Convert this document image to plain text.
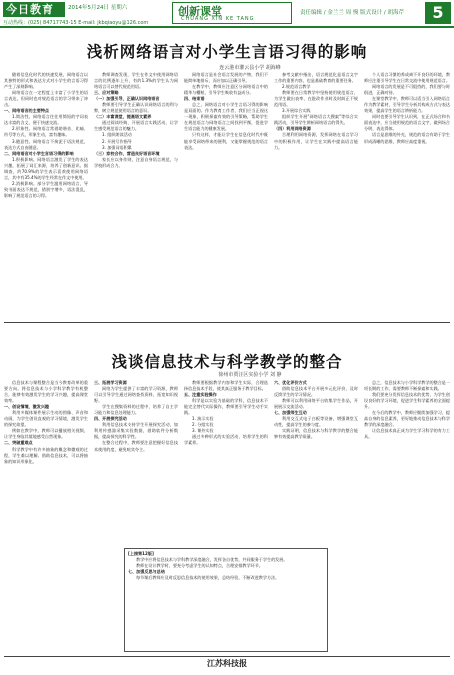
今日教育	2014年5月24日 星期六
互动热线：(025) 84717743-15 E-mail: jkbqiaoyu@126.com
创新课堂
CHUANG XIN KE TANG
责任编辑 / 金兰兰 周 慢 版式设计 / 胡海芹	5
浅析网络语言对小学生言语习得的影响
连云港市灌云县小学 胡海峰

随着信息化时代的快速发展，网络语言以其独特的形式和表达方式对小学生的言语习得产生了深刻影响。

网络语言在一定程度上丰富了小学生的语言表达，但同时也对规范语言的学习带来了冲击。

一、网络语言的主要特点

1.简洁性。网络语言往往用简短的字词表达丰富的含义，便于快速交流。

2.形象性。网络语言常借助谐音、比喻、符号等方式，形象生动，富有趣味。

3.随意性。网络语言不拘泥于语法规范，表达方式自由随意。

二、网络语言对小学生言语习得的影响

1.积极影响。网络语言激发了学生的表达兴趣，拓展了词汇来源，培养了创新意识。据调查，约70.9%的学生表示喜欢使用网络语言，其中有35.4%的学生经常在作文中使用。

2.消极影响。部分学生滥用网络语言，导致书面表达不规范，错别字增多，语法混乱，影响了规范语言的习得。

教师调查发现，学生在作文中使用网络语言的比例逐年上升，有约1.3%的学生认为网络语言可以替代规范用语。

三、应对策略

（一）加强引导，正确认识网络语言

教师要引导学生正确认识网络语言的利与弊，树立规范使用语言的意识。

（二）丰富课堂，提高语文素养

通过阅读经典、开展语言实践活动，让学生感受规范语言的魅力。

1. 组织朗读活动

2. 开展写作指导

3. 加强词语积累

（三）家校合作，营造良好语言环境

家长应以身作则，注意自身语言规范，与学校形成合力。

网络语言是社会语言发展的产物，我们不能简单地排斥，而应加以正确引导。

在教学中，教师应注意区分网络语言中的精华与糟粕，引导学生吸收有益成分。

四、结束语

总之，网络语言对小学生言语习得的影响是双面的。作为教育工作者，我们应当正视这一现象，积极探索有效的引导策略，帮助学生在规范语言与网络语言之间找到平衡，促进学生语言能力的健康发展。

只有这样，才能让学生在信息化时代中既能享受网络带来的便利，又能掌握规范的语言表达。

参考文献中指出，语言规范化是语言文字工作的重要内容，也是基础教育的重要任务。

2.规范语言教学

教师要在日常教学中坚持使用规范语言，为学生做出表率，在批改作业时及时纠正不规范用语。

3.开展综合实践

组织学生开展"网络语言大搜索"等综合实践活动，引导学生辨析网络语言的得失。

（四）利用网络资源

合理利用网络资源，发挥网络在语言学习中的积极作用，让学生在实践中提高语言能力。

个人语言习惯的养成离不开良好的环境，教师应注重引导学生在日常交流中使用规范语言。

网络语言的发展是不可阻挡的，我们要与时俱进，正确对待。

在课堂教学中，教师可以适当引入网络语言作为教学素材，引导学生分析其构成方式与表达效果，提高学生的语言辨析能力。

同时也要引导学生认识到，在正式场合和书面表达中，应当使用规范的语言文字，做到场合分明、表达得体。

语言是思维的外壳，规范的语言有助于学生形成清晰的思维，教师应高度重视。

浅谈信息技术与科学教学的整合
徐州市贾汪区实验小学 刘 静

信息技术与课程整合是当今教育改革的重要方向。将信息技术与小学科学教学有机整合，能够有效激发学生的学习兴趣，提高课堂效率。

一、创设情境，激发兴趣

利用多媒体课件展示生动的图像、声音和动画，为学生创设直观的学习情境，激发学生的探究欲望。

例如在教学中，教师可以播放相关视频，让学生身临其境地感受自然现象。

二、突破重难点

科学教学中有许多抽象的概念和微观的过程，学生难以理解。借助信息技术，可以将抽象的知识形象化。

三、拓展学习资源

网络为学生提供了丰富的学习资源，教师可以引导学生通过网络查找资料，拓宽知识视野。

学生在搜集资料的过程中，培养了自主学习能力和信息处理能力。

四、开展探究活动

利用信息技术支持学生开展探究活动，如利用传感器采集实验数据，借助软件分析数据，提高探究的科学性。

在整合过程中，教师要注意把握好信息技术使用的度，避免喧宾夺主。

教师要根据教学内容和学生实际，合理选择信息技术手段，使其真正服务于教学目标。

五、注重实验操作

科学是以实验为基础的学科，信息技术不能完全替代实际操作，教师要引导学生动手实践。

1. 演示实验

2. 分组实验

3. 课外实验

通过多种形式的实验活动，培养学生的科学素养。

六、优化评价方式

借助信息技术平台开展多元化评价，及时反馈学生的学习情况。

教师可以利用网络平台收集学生作品，开展展示交流活动。

七、加强师生互动

利用交互式电子白板等设备，增强课堂互动性，提高学生的参与度。

实践证明，信息技术与科学教学的整合能够有效提高教学质量。

总之，信息技术与小学科学教学的整合是一项长期的工作，需要教师不断探索和实践。

我们要充分发挥信息技术的优势，为学生创设良好的学习环境，促进学生科学素养的全面提升。

在今后的教学中，教师应继续加强学习，提高自身的信息素养，更好地推动信息技术与科学教学的深度融合。

让信息技术真正成为学生学习科学的有力工具。

[上接第12版]

教学中应将信息技术与学科教学深度融合，发挥各自优势，共同服务于学生的发展。

教师在设计教学时，要充分考虑学生的认知特点，合理安排教学环节。

七、加强反思与总结

每节课后教师应及时反思信息技术的使用效果，总结经验，不断改进教学方法。

江苏科技报
